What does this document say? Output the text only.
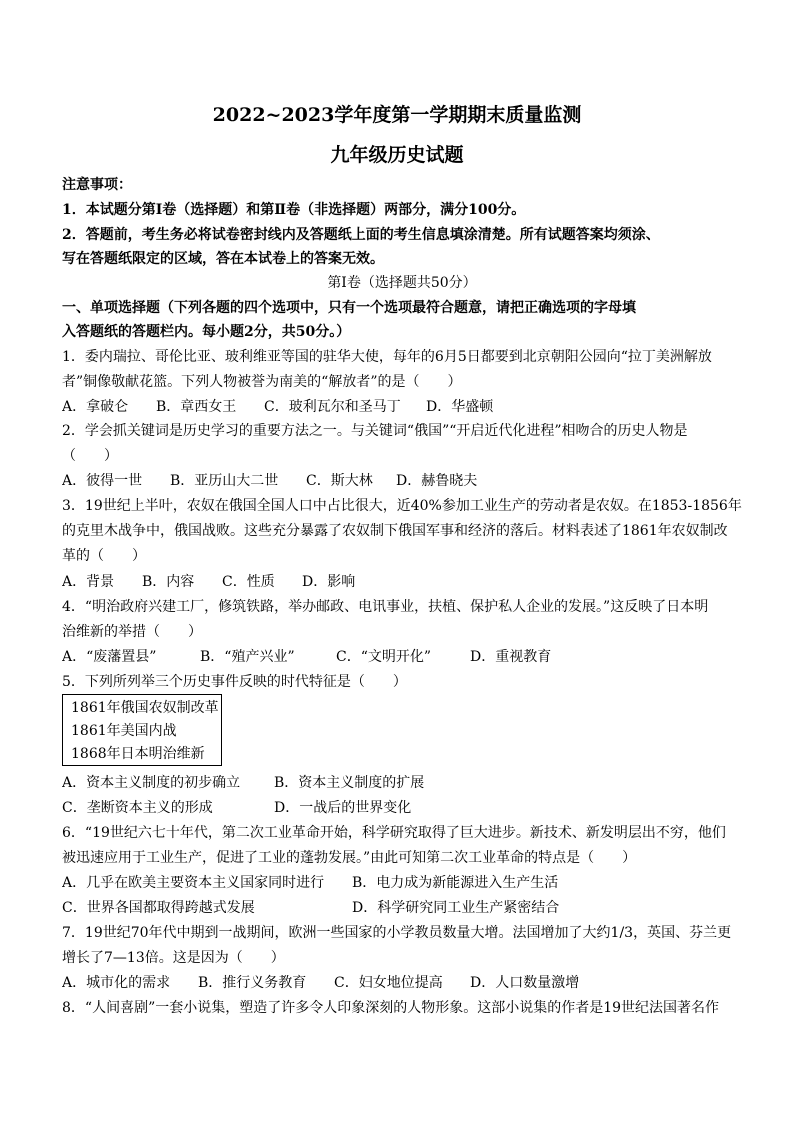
2022~2023学年度第一学期期末质量监测
九年级历史试题
注意事项：
1．本试题分第Ⅰ卷（选择题）和第Ⅱ卷（非选择题）两部分，满分100分。
2．答题前，考生务必将试卷密封线内及答题纸上面的考生信息填涂清楚。所有试题答案均须涂、
写在答题纸限定的区域，答在本试卷上的答案无效。
第Ⅰ卷（选择题共50分）
一、单项选择题（下列各题的四个选项中，只有一个选项最符合题意，请把正确选项的字母填
入答题纸的答题栏内。每小题2分，共50分。）
1．委内瑞拉、哥伦比亚、玻利维亚等国的驻华大使，每年的6月5日都要到北京朝阳公园向“拉丁美洲解放
者”铜像敬献花篮。下列人物被誉为南美的“解放者”的是（　　）
A．拿破仑	B．章西女王	C．玻利瓦尔和圣马丁	D．华盛顿
2．学会抓关键词是历史学习的重要方法之一。与关键词“俄国”“开启近代化进程”相吻合的历史人物是
（　　）
A．彼得一世	B．亚历山大二世	C．斯大林	D．赫鲁晓夫
3．19世纪上半叶，农奴在俄国全国人口中占比很大，近40%参加工业生产的劳动者是农奴。在1853-1856年
的克里木战争中，俄国战败。这些充分暴露了农奴制下俄国军事和经济的落后。材料表述了1861年农奴制改
革的（　　）
A．背景	B．内容	C．性质	D．影响
4．“明治政府兴建工厂，修筑铁路，举办邮政、电讯事业，扶植、保护私人企业的发展。”这反映了日本明
治维新的举措（　　）
A．“废藩置县”	B．“殖产兴业”	C．“文明开化”	D．重视教育
5．下列所列举三个历史事件反映的时代特征是（　　）
1861年俄国农奴制改革
1861年美国内战
1868年日本明治维新
A．资本主义制度的初步确立	B．资本主义制度的扩展
C．垄断资本主义的形成	D．一战后的世界变化
6．“19世纪六七十年代，第二次工业革命开始，科学研究取得了巨大进步。新技术、新发明层出不穷，他们
被迅速应用于工业生产，促进了工业的蓬勃发展。”由此可知第二次工业革命的特点是（　　）
A．几乎在欧美主要资本主义国家同时进行	B．电力成为新能源进入生产生活
C．世界各国都取得跨越式发展	D．科学研究同工业生产紧密结合
7．19世纪70年代中期到一战期间，欧洲一些国家的小学教员数量大增。法国增加了大约1/3，英国、芬兰更
增长了7—13倍。这是因为（　　）
A．城市化的需求	B．推行义务教育	C．妇女地位提高	D．人口数量激增
8．“人间喜剧”一套小说集，塑造了许多令人印象深刻的人物形象。这部小说集的作者是19世纪法国著名作
